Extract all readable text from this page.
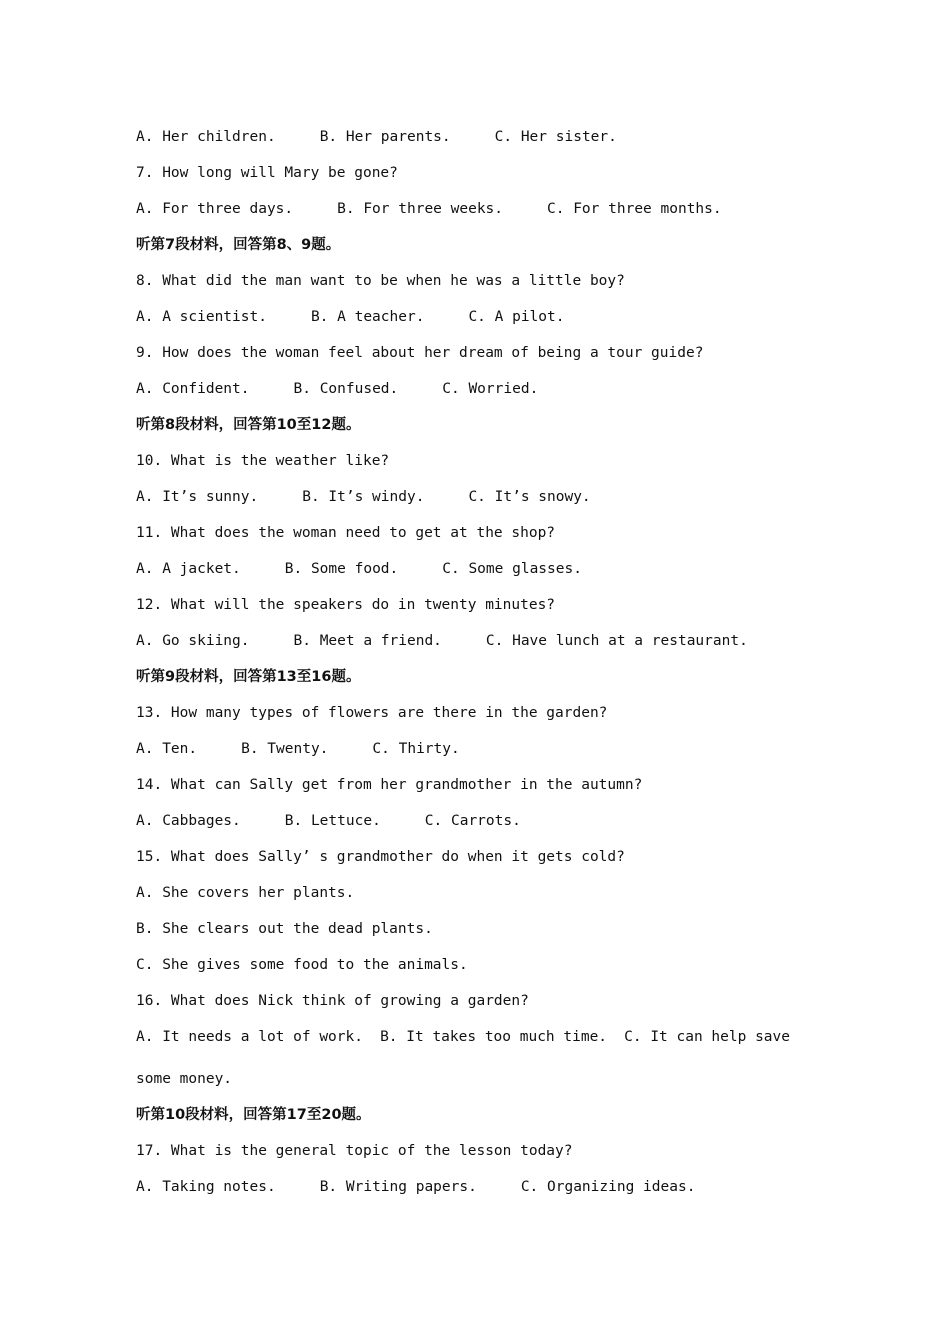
A. Her children.	B. Her parents.	C. Her sister.
7. How long will Mary be gone?
A. For three days.	B. For three weeks.	C. For three months.
听第7段材料，回答第8、9题。
8. What did the man want to be when he was a little boy?
A. A scientist.	B. A teacher.	C. A pilot.
9. How does the woman feel about her dream of being a tour guide?
A. Confident.	B. Confused.	C. Worried.
听第8段材料，回答第10至12题。
10. What is the weather like?
A. It’s sunny.	B. It’s windy.	C. It’s snowy.
11. What does the woman need to get at the shop?
A. A jacket.	B. Some food.	C. Some glasses.
12. What will the speakers do in twenty minutes?
A. Go skiing.	B. Meet a friend.	C. Have lunch at a restaurant.
听第9段材料，回答第13至16题。
13. How many types of flowers are there in the garden?
A. Ten.	B. Twenty.	C. Thirty.
14. What can Sally get from her grandmother in the autumn?
A. Cabbages.	B. Lettuce.	C. Carrots.
15. What does Sally’ s grandmother do when it gets cold?
A. She covers her plants.
B. She clears out the dead plants.
C. She gives some food to the animals.
16. What does Nick think of growing a garden?
A. It needs a lot of work. B. It takes too much time. C. It can help save
some money.
听第10段材料，回答第17至20题。
17. What is the general topic of the lesson today?
A. Taking notes.	B. Writing papers.	C. Organizing ideas.
